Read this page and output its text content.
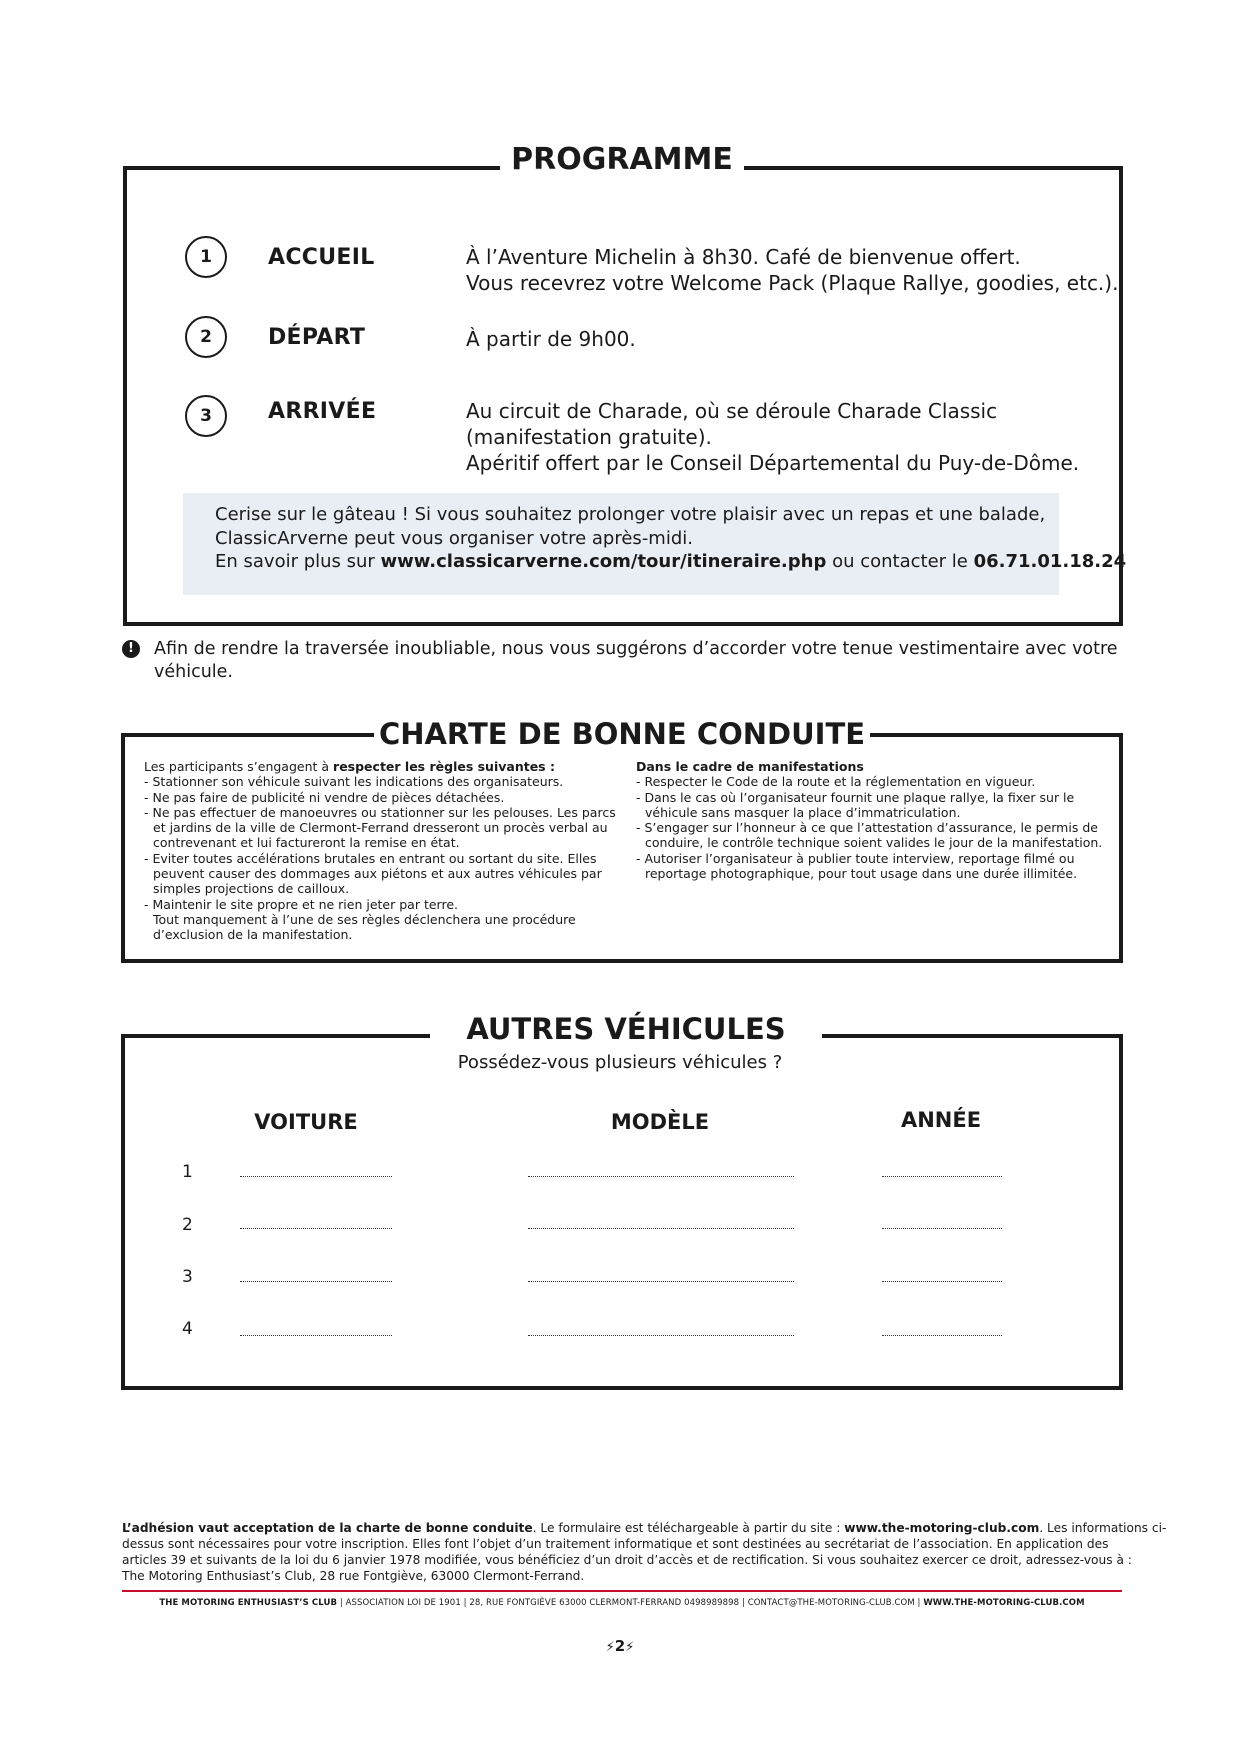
PROGRAMME
1	ACCUEIL	À l’Aventure Michelin à 8h30. Café de bienvenue offert.
Vous recevrez votre Welcome Pack (Plaque Rallye, goodies, etc.).
2	DÉPART	À partir de 9h00.
3	ARRIVÉE	Au circuit de Charade, où se déroule Charade Classic
(manifestation gratuite).
Apéritif offert par le Conseil Départemental du Puy-de-Dôme.
Cerise sur le gâteau ! Si vous souhaitez prolonger votre plaisir avec un repas et une balade,
ClassicArverne peut vous organiser votre après-midi.
En savoir plus sur www.classicarverne.com/tour/itineraire.php ou contacter le 06.71.01.18.24
!	Afin de rendre la traversée inoubliable, nous vous suggérons d’accorder votre tenue vestimentaire avec votre
véhicule.
CHARTE DE BONNE CONDUITE
Les participants s’engagent à respecter les règles suivantes :
- Stationner son véhicule suivant les indications des organisateurs.
- Ne pas faire de publicité ni vendre de pièces détachées.
- Ne pas effectuer de manoeuvres ou stationner sur les pelouses. Les parcs
et jardins de la ville de Clermont-Ferrand dresseront un procès verbal au
contrevenant et lui factureront la remise en état.
- Eviter toutes accélérations brutales en entrant ou sortant du site. Elles
peuvent causer des dommages aux piétons et aux autres véhicules par
simples projections de cailloux.
- Maintenir le site propre et ne rien jeter par terre.
Tout manquement à l’une de ses règles déclenchera une procédure
d’exclusion de la manifestation.
Dans le cadre de manifestations
- Respecter le Code de la route et la réglementation en vigueur.
- Dans le cas où l’organisateur fournit une plaque rallye, la fixer sur le
véhicule sans masquer la place d’immatriculation.
- S’engager sur l’honneur à ce que l’attestation d’assurance, le permis de
conduire, le contrôle technique soient valides le jour de la manifestation.
- Autoriser l’organisateur à publier toute interview, reportage filmé ou
reportage photographique, pour tout usage dans une durée illimitée.
AUTRES VÉHICULES
Possédez-vous plusieurs véhicules ?
VOITURE	MODÈLE	ANNÉE
1
2
3
4
L’adhésion vaut acceptation de la charte de bonne conduite. Le formulaire est téléchargeable à partir du site : www.the-motoring-club.com. Les informations ci-
dessus sont nécessaires pour votre inscription. Elles font l’objet d’un traitement informatique et sont destinées au secrétariat de l’association. En application des
articles 39 et suivants de la loi du 6 janvier 1978 modifiée, vous bénéficiez d’un droit d’accès et de rectification. Si vous souhaitez exercer ce droit, adressez-vous à :
The Motoring Enthusiast’s Club, 28 rue Fontgiève, 63000 Clermont-Ferrand.
THE MOTORING ENTHUSIAST’S CLUB | ASSOCIATION LOI DE 1901 | 28, RUE FONTGIÈVE 63000 CLERMONT-FERRAND 0498989898 | CONTACT@THE-MOTORING-CLUB.COM | WWW.THE-MOTORING-CLUB.COM
⚡2⚡
